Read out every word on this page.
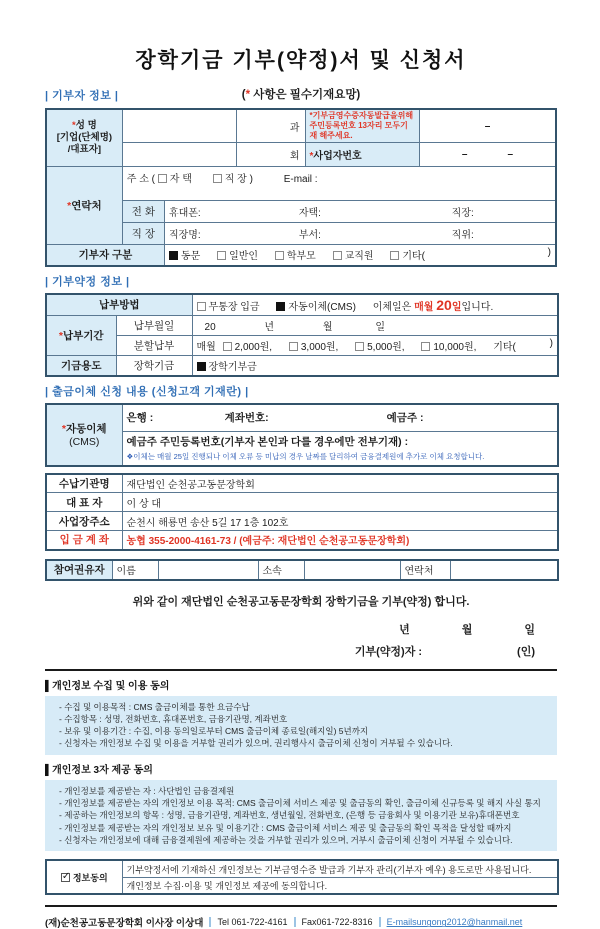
장학기금 기부(약정)서 및 신청서
| 기부자 정보 |	(* 사항은 필수기재요망)
*성 명
[기업(단체명)
/대표자]			과	*기부금영수증자동발급을위해 주민등록번호 13자리 모두기재 해주세요.	–
			회	*사업자번호	– –

*연락처	주 소 ( 자 택 직 장 ) E-mail :				
	전 화	휴대폰: 자택: 직장:			

	직 장	직장명: 부서: 직위:			

기부자 구분		동문 일반인 학부모 교직원 기타( )			
| 기부약정 정보 |
납부방법		무통장 입금 자동이체(CMS) 이체일은 매월 20일입니다.
*납부기간	납부월일	20 년 월 일
	분할납부	매월 2,000원, 3,000원, 5,000원, 10,000원, 기타( )

기금용도	장학기금	장학기부금
| 출금이체 신청 내용 (신청고객 기재란) |
*자동이체
(CMS)	
은행 :	계좌번호:	예금주 :

예금주 주민등록번호(기부자 본인과 다를 경우에만 전부기재) :
❖이체는 매월 25일 진행되나 이체 오류 등 미납의 경우 날짜를 달리하여 금융결제원에 추가로 이체 요청합니다.
수납기관명	재단법인 순천공고동문장학회
대 표 자	이 상 대
사업장주소	순천시 해룡면 송산 5길 17 1층 102호
입 금 계 좌	농협 355-2000-4161-73 / (예금주: 재단법인 순천공고동문장학회)
참여권유자	이름		소속		연락처	
위와 같이 재단법인 순천공고동문장학회 장학기금을 기부(약정) 합니다.
년	월	일
기부(약정)자 :	(인)
▌개인정보 수집 및 이용 동의
- 수집 및 이용목적 : CMS 출금이체를 통한 요금수납
- 수집항목 : 성명, 전화번호, 휴대폰번호, 금융기관명, 계좌번호
- 보유 및 이용기간 : 수집, 이용 동의일로부터 CMS 출금이체 종료일(해지일) 5년까지
- 신청자는 개인정보 수집 및 이용을 거부할 권리가 있으며, 권리행사시 출금이체 신청이 거부될 수 있습니다.
▌개인정보 3자 제공 동의
- 개인정보를 제공받는 자 : 사단법인 금융결제원
- 개인정보를 제공받는 자의 개인정보 이용 목적: CMS 출금이체 서비스 제공 및 출금동의 확인, 출금이체 신규등록 및 해지 사실 통지
- 제공하는 개인정보의 항목 : 성명, 금융기관명, 계좌번호, 생년월일, 전화번호, (은행 등 금융회사 및 이용기관 보유)휴대폰번호
- 개인정보를 제공받는 자의 개인정보 보유 및 이용기간 : CMS 출금이체 서비스 제공 및 출금동의 확인 목적을 달성할 때까지
- 신청자는 개인정보에 대해 금융결제원에 제공하는 것을 거부할 권리가 있으며, 거부시 출금이체 신청이 거부될 수 있습니다.
✓정보동의	기부약정서에 기재하신 개인정보는 기부금영수증 발급과 기부자 관리(기부자 예우) 용도로만 사용됩니다.
개인정보 수집·이용 및 개인정보 제공에 동의합니다.
(재)순천공고동문장학회 이사장 이상대 Tel 061-722-4161 Fax061-722-8316 E-mailsungong2012@hanmail.net
